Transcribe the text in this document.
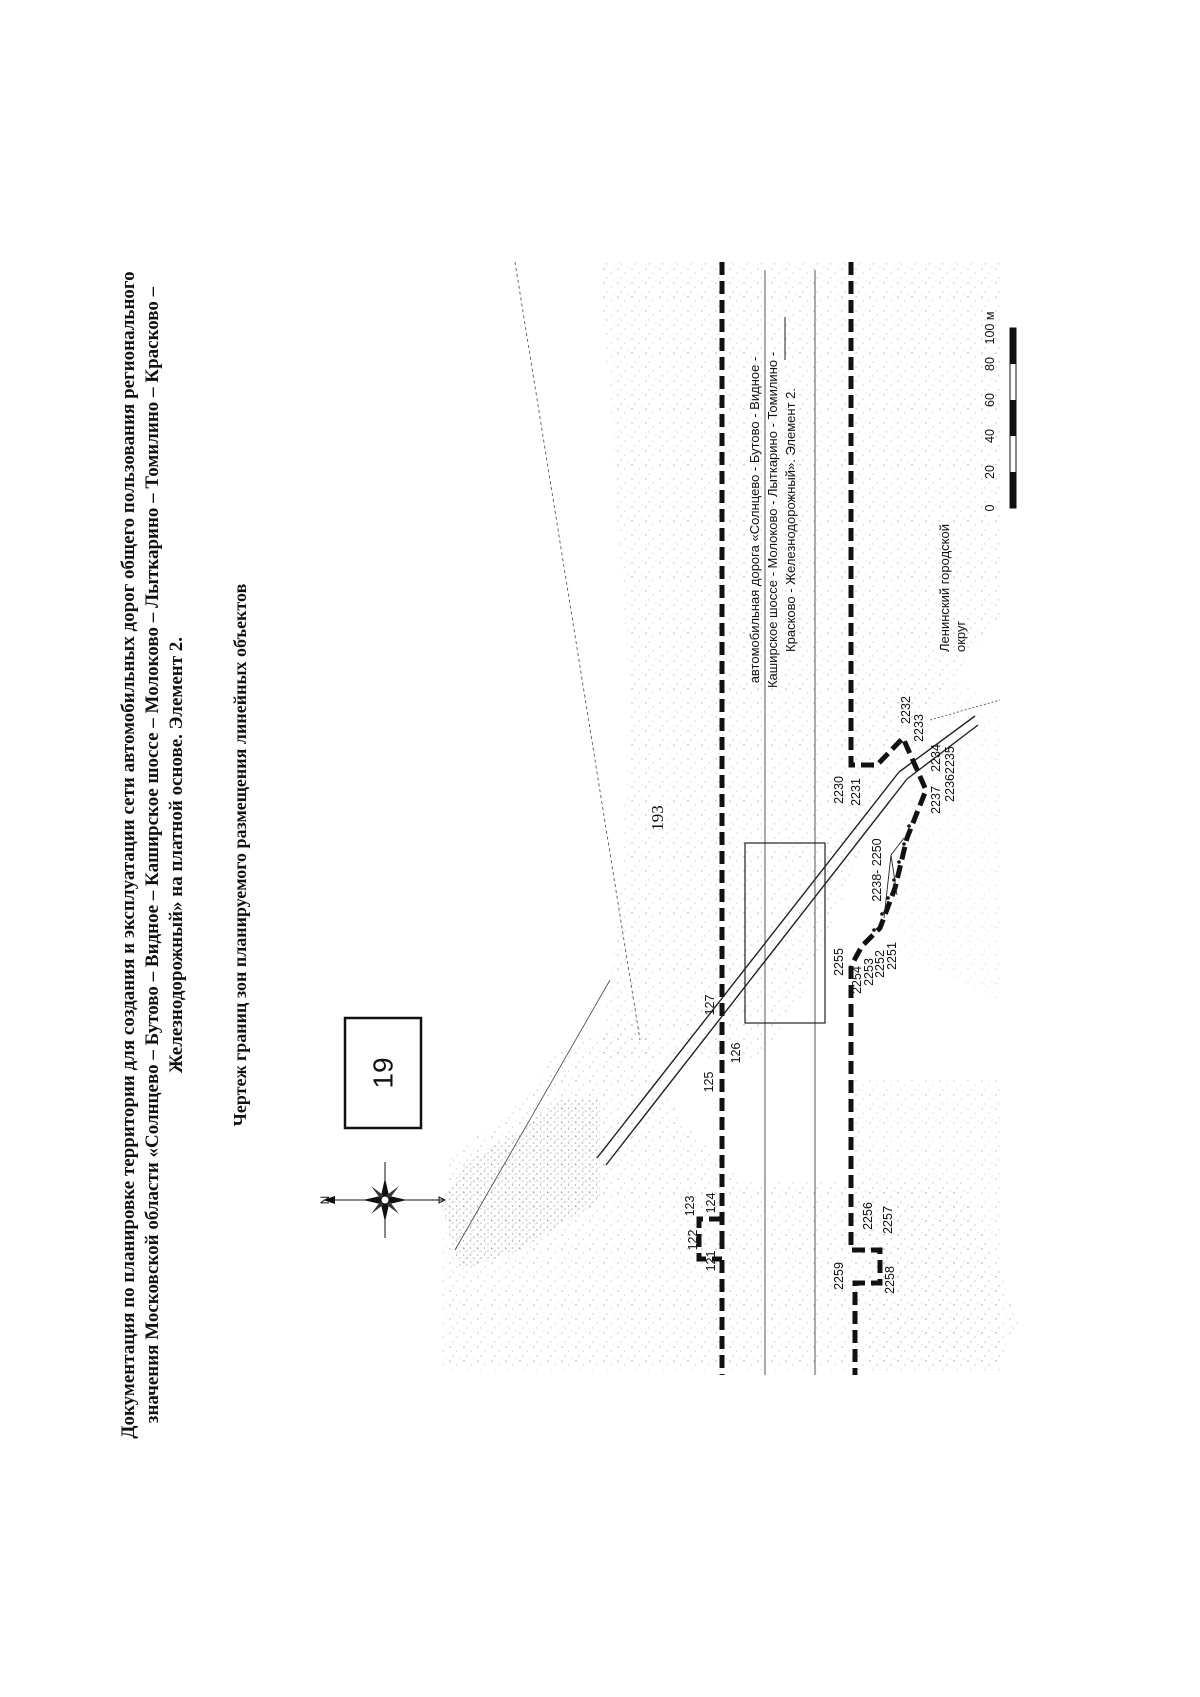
Документация по планировке территории для создания и эксплуатации сети автомобильных дорог общего пользования регионального значения Московской области «Солнцево – Бутово – Видное – Каширское шоссе – Молоково – Лыткарино – Томилино – Красково – Железнодорожный» на платной основе. Элемент 2. Чертеж границ зон планируемого размещения линейных объектов	19
N
автомобильная дорога «Солнцево - Бутово - Видное - Каширское шоссе - Молоково - Лыткарино - Томилино - Красково - Железнодорожный». Элемент 2.	Ленинский городской округ
0
20
40
60
80
100 м
121
122
123 124
125
126
127
2230 2231
2232
2233
2234 22362235
2237
2238- 2250
2251
2252
2253
2254
2255
2256 2257
2258
2259
